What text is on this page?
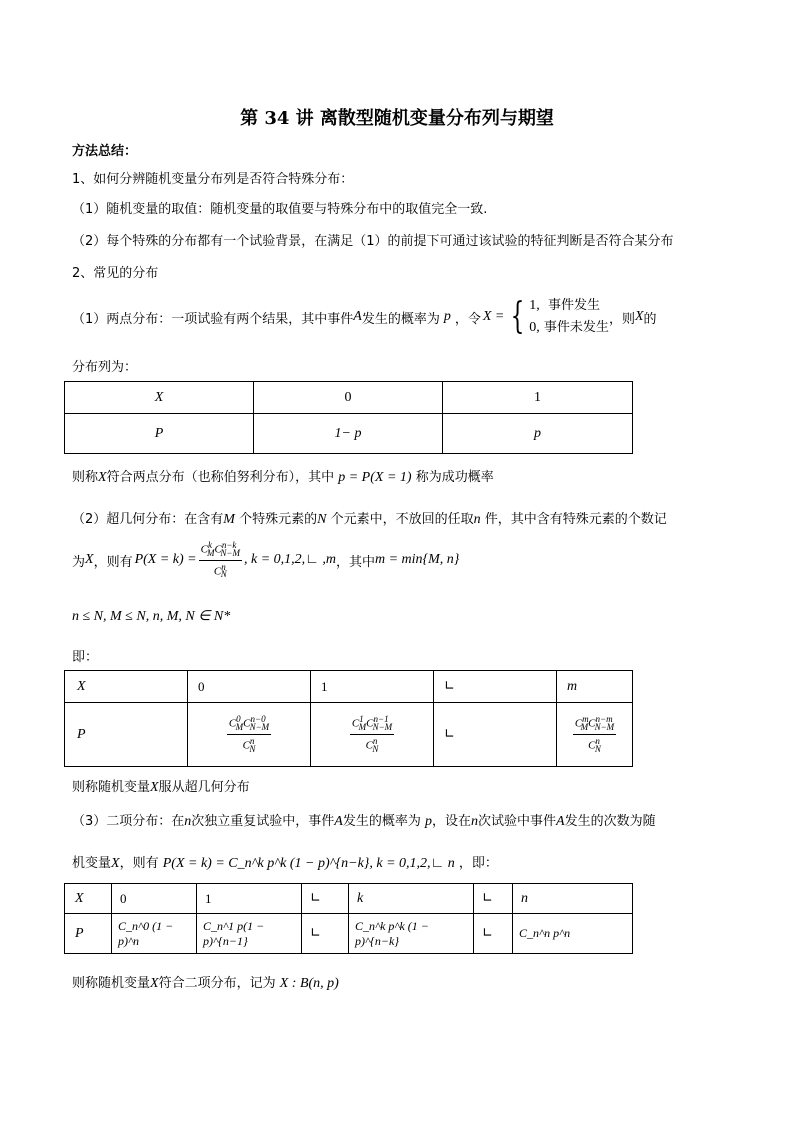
第 34 讲 离散型随机变量分布列与期望
方法总结：
1、如何分辨随机变量分布列是否符合特殊分布：
（1）随机变量的取值：随机变量的取值要与特殊分布中的取值完全一致.
（2）每个特殊的分布都有一个试验背景，在满足（1）的前提下可通过该试验的特征判断是否符合某分布
2、常见的分布
（1）两点分布：一项试验有两个结果，其中事件 A 发生的概率为 p ，令 X = { 1, 事件发生
0, 事件未发生
，则 X 的
分布列为：
X	0	1
P	1− p	p
则称X符合两点分布（也称伯努利分布），其中 p = P(X = 1) 称为成功概率
（2）超几何分布：在含有M 个特殊元素的N 个元素中，不放回的任取n 件，其中含有特殊元素的个数记
为 X ，则有 $P(X = k) = \frac{C^k_MC^{n-k}_{N-M}}{C^n_N}$ , k = 0,1,2,∟ ,m ，其中 m = min{M, n}
n ≤ N, M ≤ N, n, M, N ∈ N*
即：
X	0	1	∟	m
P	$\frac{C^0_MC^{n-0}_{N-M}}{C^n_N}$	$\frac{C^1_MC^{n-1}_{N-M}}{C^n_N}$	∟	$\frac{C^m_MC^{n-m}_{N-M}}{C^n_N}$
则称随机变量X服从超几何分布
（3）二项分布：在n次独立重复试验中，事件A发生的概率为 p，设在n次试验中事件A发生的次数为随
机变量X，则有 P(X = k) = C_n^k p^k (1 − p)^{n−k}, k = 0,1,2,∟ n ，即：
X	0	1	∟	k	∟	n
P	C_n^0 (1 − p)^n	C_n^1 p(1 − p)^{n−1}	∟	C_n^k p^k (1 − p)^{n−k}	∟	C_n^n p^n
则称随机变量X符合二项分布，记为 X : B(n, p)
